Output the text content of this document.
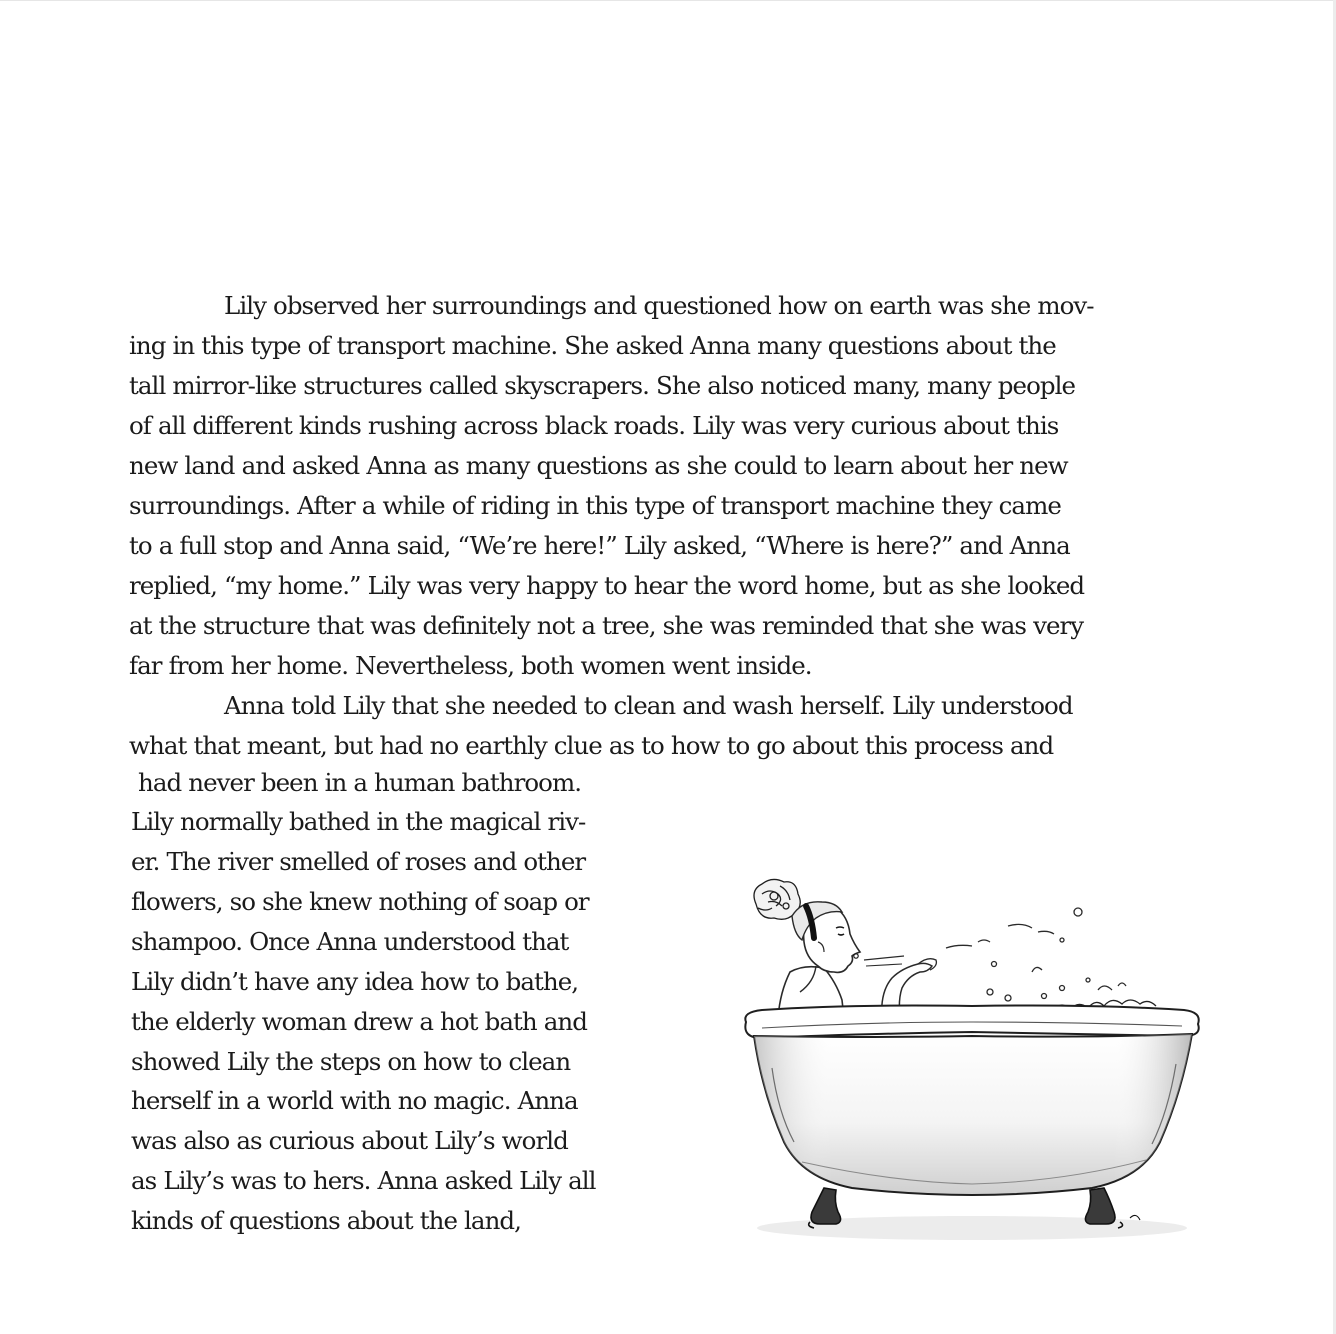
Lily observed her surroundings and questioned how on earth was she mov-
ing in this type of transport machine. She asked Anna many questions about the
tall mirror-like structures called skyscrapers. She also noticed many, many people
of all different kinds rushing across black roads. Lily was very curious about this
new land and asked Anna as many questions as she could to learn about her new
surroundings. After a while of riding in this type of transport machine they came
to a full stop and Anna said, “We’re here!” Lily asked, “Where is here?” and Anna
replied, “my home.” Lily was very happy to hear the word home, but as she looked
at the structure that was definitely not a tree, she was reminded that she was very
far from her home. Nevertheless, both women went inside.
Anna told Lily that she needed to clean and wash herself. Lily understood
what that meant, but had no earthly clue as to how to go about this process and
had never been in a human bathroom.
Lily normally bathed in the magical riv-
er. The river smelled of roses and other
flowers, so she knew nothing of soap or
shampoo. Once Anna understood that
Lily didn’t have any idea how to bathe,
the elderly woman drew a hot bath and
showed Lily the steps on how to clean
herself in a world with no magic. Anna
was also as curious about Lily’s world
as Lily’s was to hers. Anna asked Lily all
kinds of questions about the land,
